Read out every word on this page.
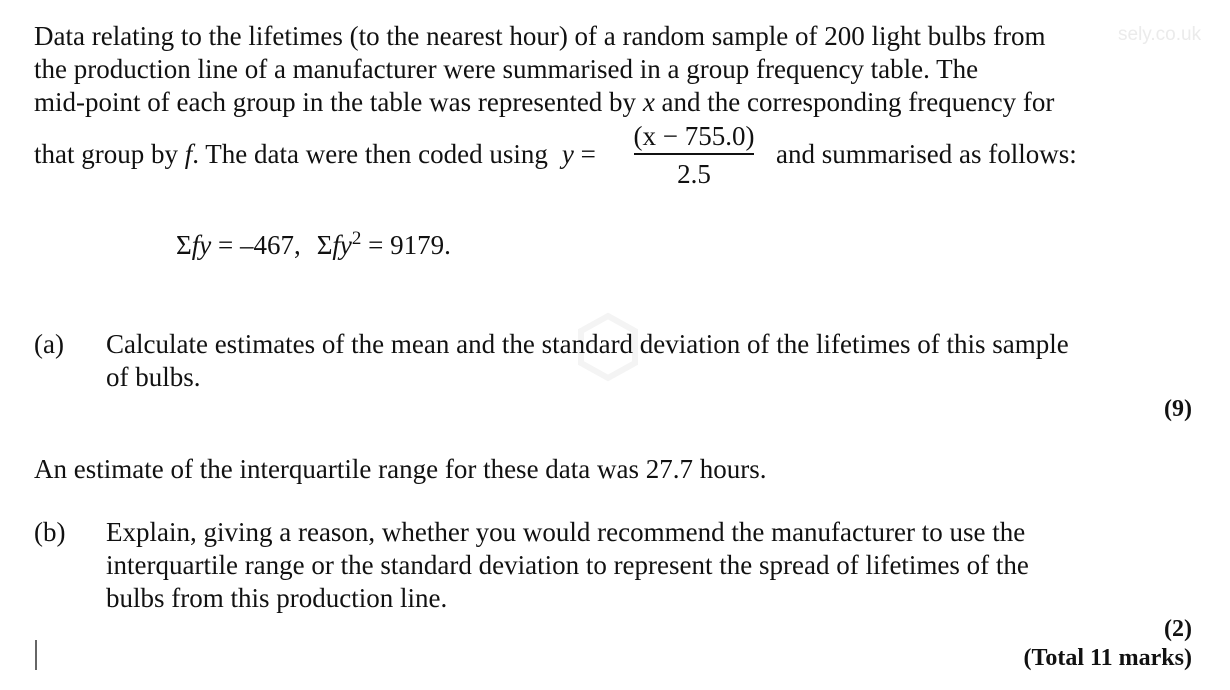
sely.co.uk
Data relating to the lifetimes (to the nearest hour) of a random sample of 200 light bulbs from
the production line of a manufacturer were summarised in a group frequency table. The
mid-point of each group in the table was represented by x and the corresponding frequency for
that group by f. The data were then coded using y =
(x − 755.0)
2.5
and summarised as follows:
Σfy = –467, Σfy$^2$ = 9179.
(a) Calculate estimates of the mean and the standard deviation of the lifetimes of this sample
of bulbs.
(9)
An estimate of the interquartile range for these data was 27.7 hours.
(b) Explain, giving a reason, whether you would recommend the manufacturer to use the
interquartile range or the standard deviation to represent the spread of lifetimes of the
bulbs from this production line.
(2)
(Total 11 marks)
